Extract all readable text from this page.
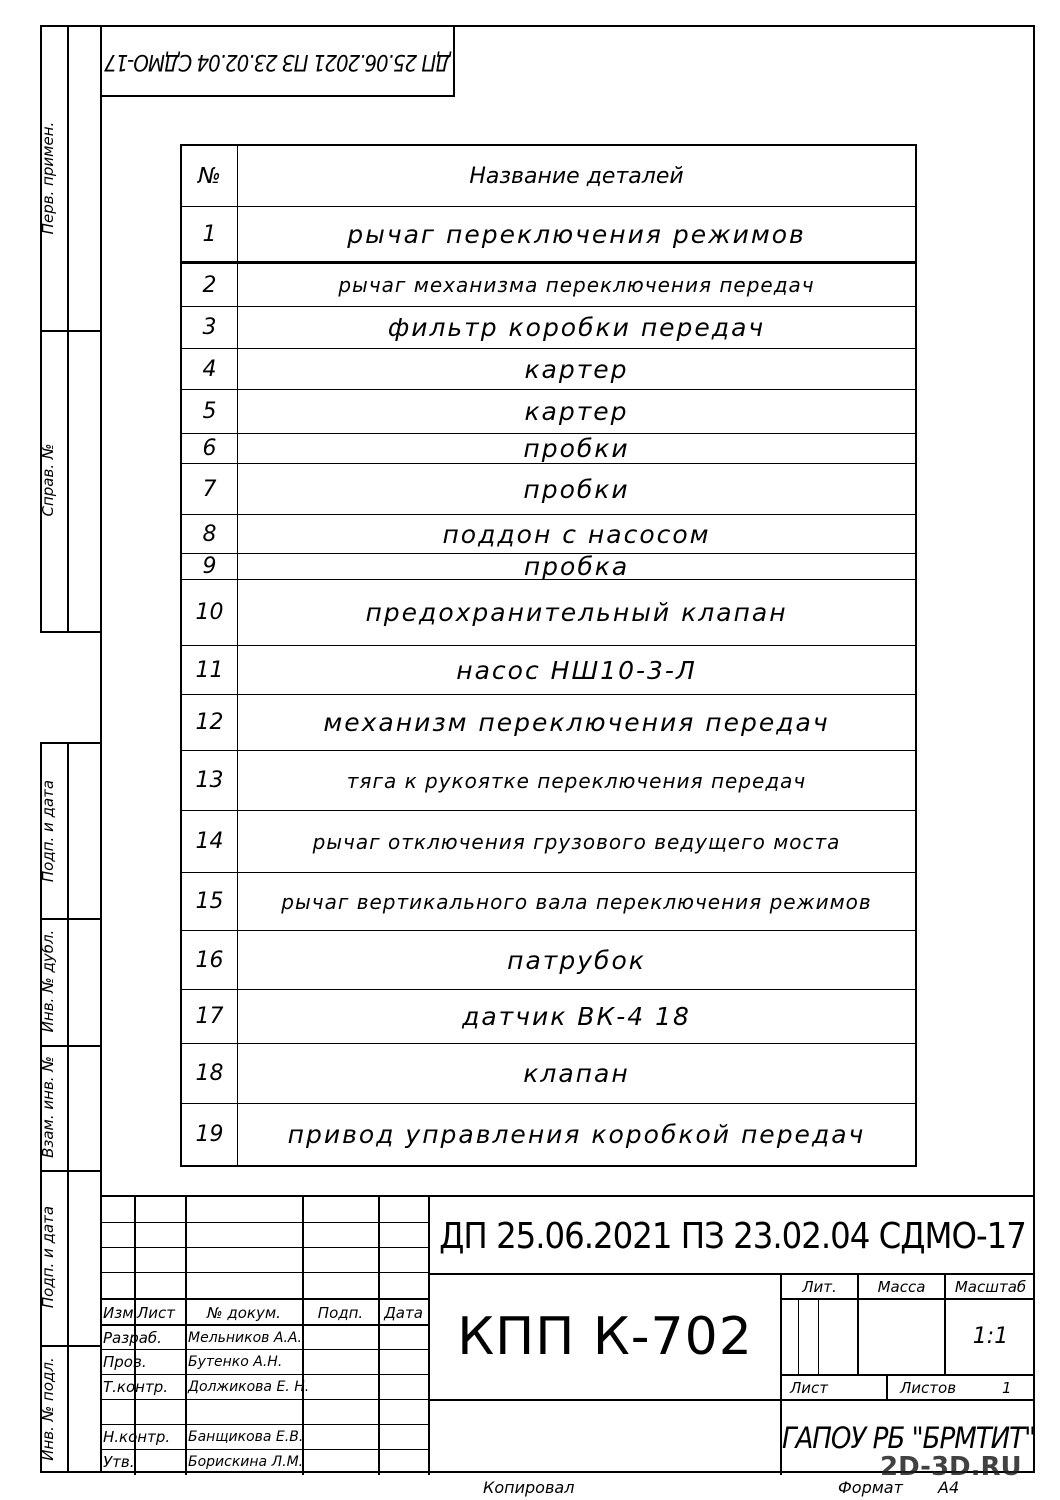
Перв. примен.
Справ. №
Подп. и дата
Инв. № дубл.
Взам. инв. №
Подп. и дата
Инв. № подл.
ДП 25.06.2021 ПЗ 23.02.04 СДМО-17
№	Название деталей
1	рычаг переключения режимов
2	рычаг механизма переключения передач
3	фильтр коробки передач
4	картер
5	картер
6	пробки
7	пробки
8	поддон с насосом
9	пробка
10	предохранительный клапан
11	насос НШ10-3-Л
12	механизм переключения передач
13	тяга к рукоятке переключения передач
14	рычаг отключения грузового ведущего моста
15	рычаг вертикального вала переключения режимов
16	патрубок
17	датчик ВК-4 18
18	клапан
19	привод управления коробкой передач
Изм.
Лист	№ докум.	Подп.	Дата
Разраб. Мельников А.А.
Пров.	Бутенко А.Н.
Т.контр. Должикова Е. Н.
Н.контр. Банщикова Е.В.
Утв.	Борискина Л.М.
ДП 25.06.2021 ПЗ 23.02.04 СДМО-17
КПП К-702
Лит.	Масса	Масштаб
1:1
Лист	Листов	1
ГАПОУ РБ "БРМТИТ"
Копировал	Формат А4
2D-3D.RU
